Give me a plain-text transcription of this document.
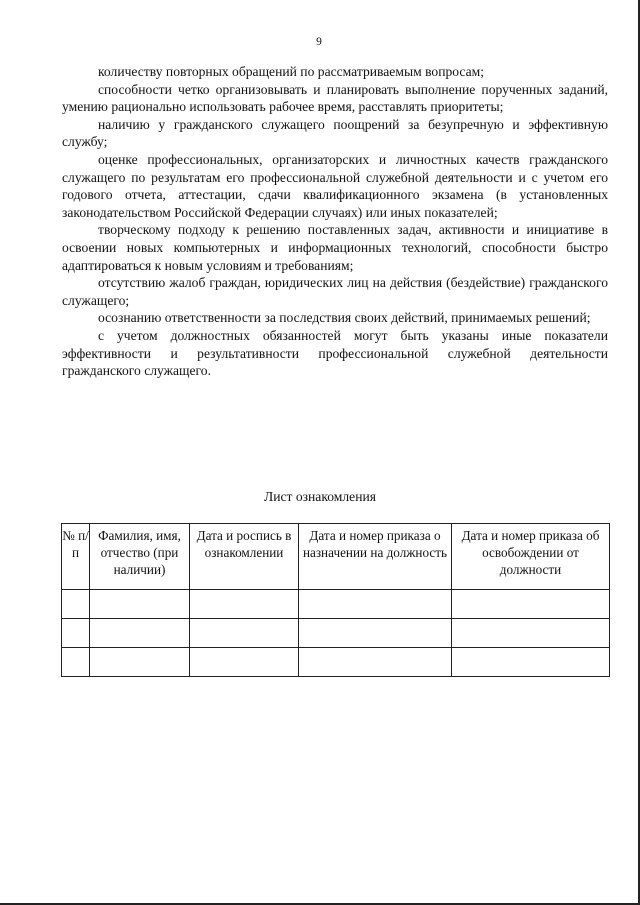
9

количеству повторных обращений по рассматриваемым вопросам;

способности четко организовывать и планировать выполнение порученных заданий, умению рационально использовать рабочее время, расставлять приоритеты;

наличию у гражданского служащего поощрений за безупречную и эффективную службу;

оценке профессиональных, организаторских и личностных качеств гражданского служащего по результатам его профессиональной служебной деятельности и с учетом его годового отчета, аттестации, сдачи квалификационного экзамена (в установленных законодательством Российской Федерации случаях) или иных показателей;

творческому подходу к решению поставленных задач, активности и инициативе в освоении новых компьютерных и информационных технологий, способности быстро адаптироваться к новым условиям и требованиям;

отсутствию жалоб граждан, юридических лиц на действия (бездействие) гражданского служащего;

осознанию ответственности за последствия своих действий, принимаемых решений;

с учетом должностных обязанностей могут быть указаны иные показатели эффективности и результативности профессиональной служебной деятельности гражданского служащего.

Лист ознакомления
№ п/п	Фамилия, имя, отчество (при наличии)	Дата и роспись в ознакомлении	Дата и номер приказа о назначении на должность	Дата и номер приказа об освобождении от должности
